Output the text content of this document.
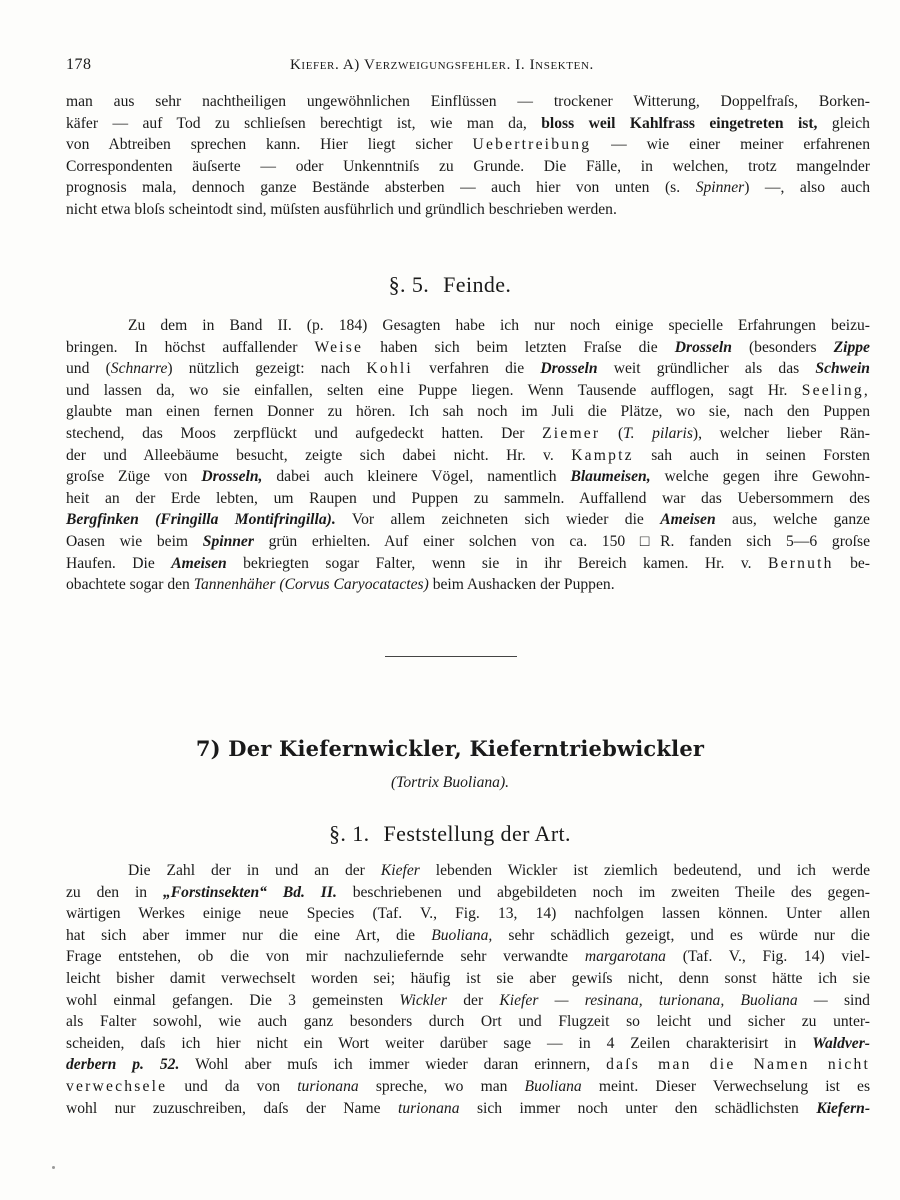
178	Kiefer. A) Verzweigungsfehler. I. Insekten.

man aus sehr nachtheiligen ungewöhnlichen Einflüssen — trockener Witterung, Doppelfraſs, Borken-
käfer — auf Tod zu schlieſsen berechtigt ist, wie man da, bloss weil Kahlfrass eingetreten ist, gleich
von Abtreiben sprechen kann. Hier liegt sicher Uebertreibung — wie einer meiner erfahrenen
Correspondenten äuſserte — oder Unkenntniſs zu Grunde. Die Fälle, in welchen, trotz mangelnder
prognosis mala, dennoch ganze Bestände absterben — auch hier von unten (s. Spinner) —, also auch
nicht etwa bloſs scheintodt sind, müſsten ausführlich und gründlich beschrieben werden.

§. 5. Feinde.

Zu dem in Band II. (p. 184) Gesagten habe ich nur noch einige specielle Erfahrungen beizu-
bringen. In höchst auffallender Weise haben sich beim letzten Fraſse die Drosseln (besonders Zippe
und (Schnarre) nützlich gezeigt: nach Kohli verfahren die Drosseln weit gründlicher als das Schwein
und lassen da, wo sie einfallen, selten eine Puppe liegen. Wenn Tausende aufflogen, sagt Hr. Seeling,
glaubte man einen fernen Donner zu hören. Ich sah noch im Juli die Plätze, wo sie, nach den Puppen
stechend, das Moos zerpflückt und aufgedeckt hatten. Der Ziemer (T. pilaris), welcher lieber Rän-
der und Alleebäume besucht, zeigte sich dabei nicht. Hr. v. Kamptz sah auch in seinen Forsten
groſse Züge von Drosseln, dabei auch kleinere Vögel, namentlich Blaumeisen, welche gegen ihre Gewohn-
heit an der Erde lebten, um Raupen und Puppen zu sammeln. Auffallend war das Uebersommern des
Bergfinken (Fringilla Montifringilla). Vor allem zeichneten sich wieder die Ameisen aus, welche ganze
Oasen wie beim Spinner grün erhielten. Auf einer solchen von ca. 150 □R. fanden sich 5—6 groſse
Haufen. Die Ameisen bekriegten sogar Falter, wenn sie in ihr Bereich kamen. Hr. v. Bernuth be-
obachtete sogar den Tannenhäher (Corvus Caryocatactes) beim Aushacken der Puppen.

7) Der Kiefernwickler, Kieferntriebwickler
(Tortrix Buoliana).
§. 1. Feststellung der Art.

Die Zahl der in und an der Kiefer lebenden Wickler ist ziemlich bedeutend, und ich werde
zu den in „Forstinsekten“ Bd. II. beschriebenen und abgebildeten noch im zweiten Theile des gegen-
wärtigen Werkes einige neue Species (Taf. V., Fig. 13, 14) nachfolgen lassen können. Unter allen
hat sich aber immer nur die eine Art, die Buoliana, sehr schädlich gezeigt, und es würde nur die
Frage entstehen, ob die von mir nachzuliefernde sehr verwandte margarotana (Taf. V., Fig. 14) viel-
leicht bisher damit verwechselt worden sei; häufig ist sie aber gewiſs nicht, denn sonst hätte ich sie
wohl einmal gefangen. Die 3 gemeinsten Wickler der Kiefer — resinana, turionana, Buoliana — sind
als Falter sowohl, wie auch ganz besonders durch Ort und Flugzeit so leicht und sicher zu unter-
scheiden, daſs ich hier nicht ein Wort weiter darüber sage — in 4 Zeilen charakterisirt in Waldver-
derbern p. 52. Wohl aber muſs ich immer wieder daran erinnern, daſs man die Namen nicht
verwechsele und da von turionana spreche, wo man Buoliana meint. Dieser Verwechselung ist es
wohl nur zuzuschreiben, daſs der Name turionana sich immer noch unter den schädlichsten Kiefern-
